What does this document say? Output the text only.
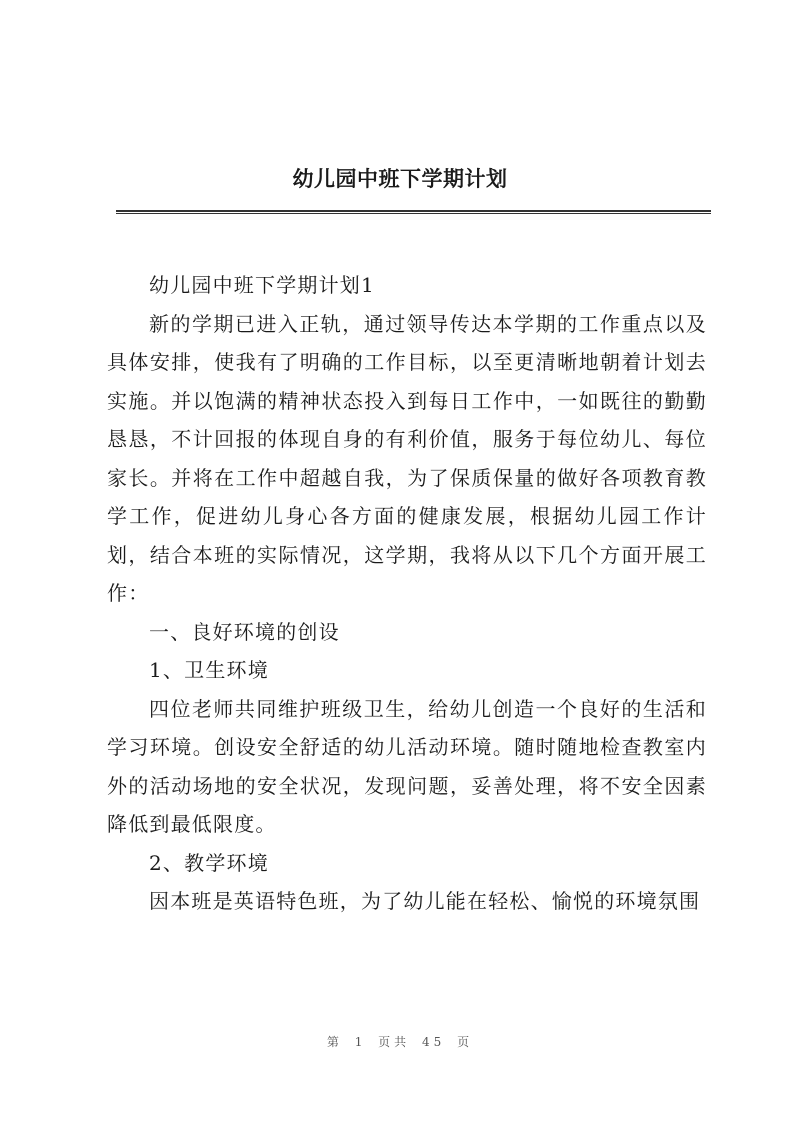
幼儿园中班下学期计划

幼儿园中班下学期计划1

新的学期已进入正轨，通过领导传达本学期的工作重点以及具体安排，使我有了明确的工作目标，以至更清晰地朝着计划去实施。并以饱满的精神状态投入到每日工作中，一如既往的勤勤恳恳，不计回报的体现自身的有利价值，服务于每位幼儿、每位家长。并将在工作中超越自我，为了保质保量的做好各项教育教学工作，促进幼儿身心各方面的健康发展，根据幼儿园工作计划，结合本班的实际情况，这学期，我将从以下几个方面开展工作：

一、良好环境的创设

1、卫生环境

四位老师共同维护班级卫生，给幼儿创造一个良好的生活和学习环境。创设安全舒适的幼儿活动环境。随时随地检查教室内外的活动场地的安全状况，发现问题，妥善处理，将不安全因素降低到最低限度。

2、教学环境

因本班是英语特色班，为了幼儿能在轻松、愉悦的环境氛围

第 1 页共 45 页
